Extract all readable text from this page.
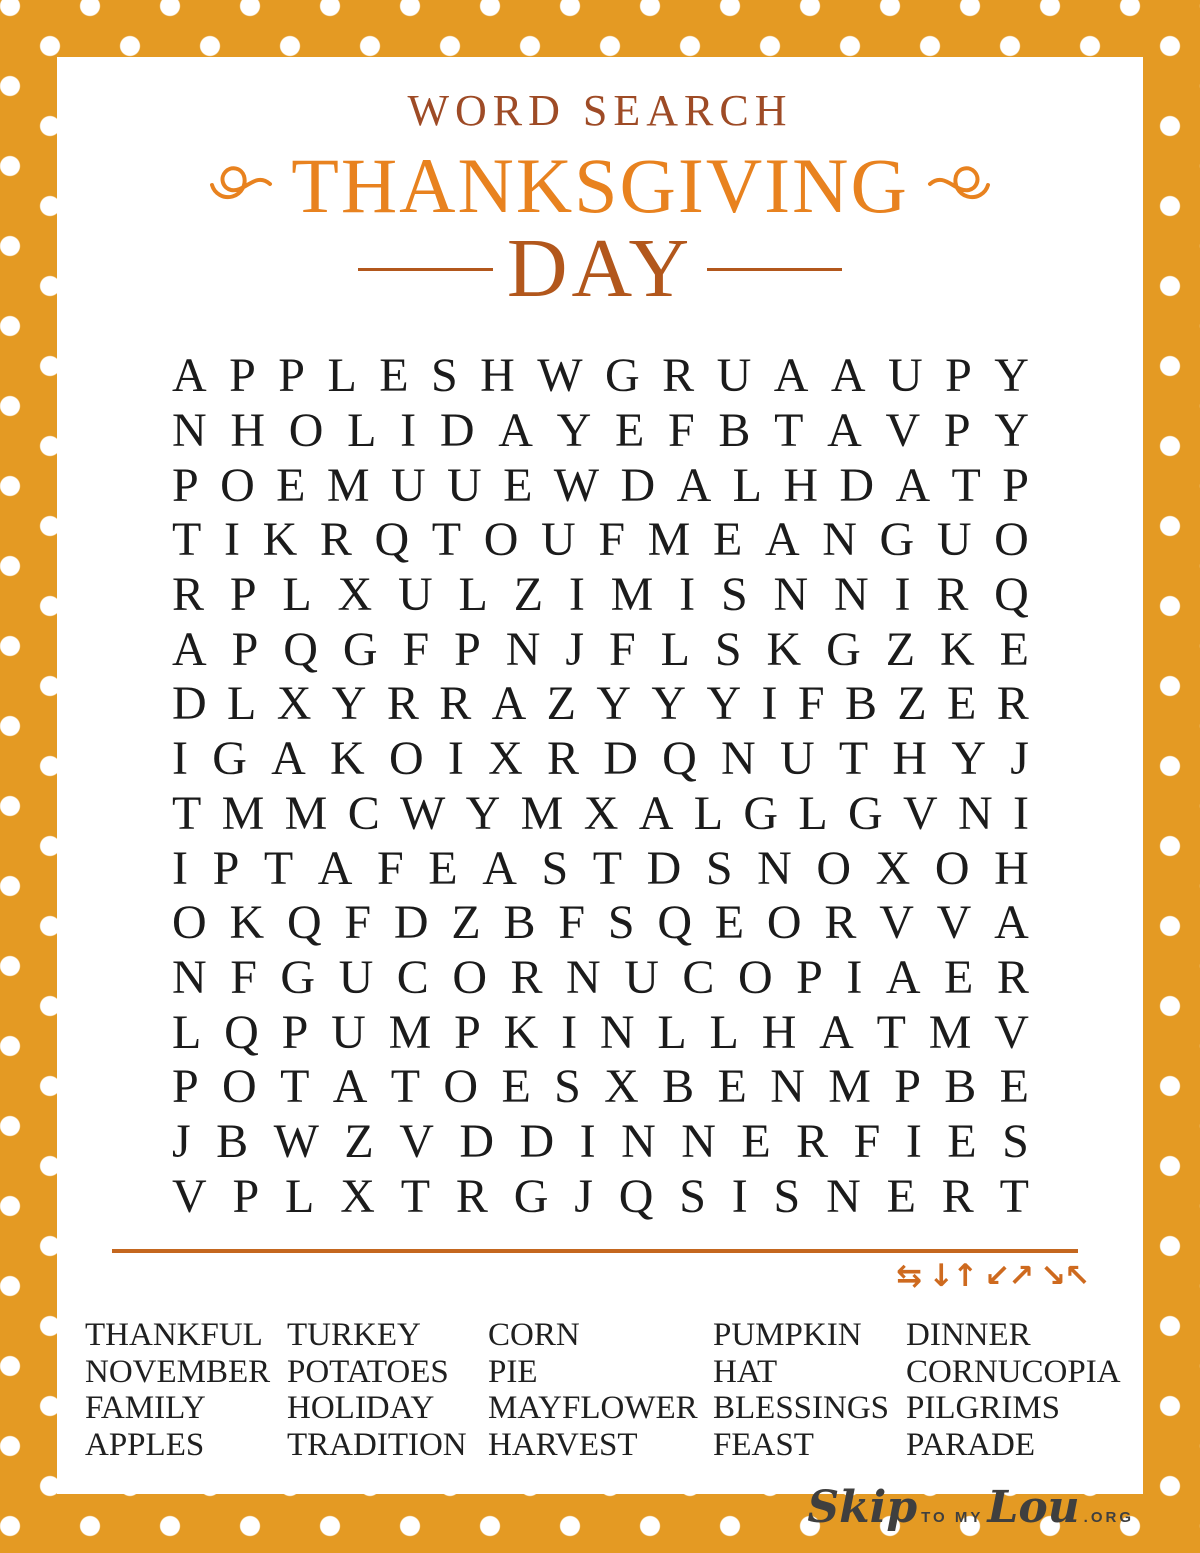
WORD SEARCH
THANKSGIVING
DAY
A P P L E S H W G R U A A U P Y
N H O L I D A Y E F B T A V P Y
P O E M U U E W D A L H D A T P
T I K R Q T O U F M E A N G U O
R P L X U L Z I M I S N N I R Q
A P Q G F P N J F L S K G Z K E
D L X Y R R A Z Y Y Y I F B Z E R
I G A K O I X R D Q N U T H Y J
T M M C W Y M X A L G L G V N I
I P T A F E A S T D S N O X O H
O K Q F D Z B F S Q E O R V V A
N F G U C O R N U C O P I A E R
L Q P U M P K I N L L H A T M V
P O T A T O E S X B E N M P B E
J B W Z V D D I N N E R F I E S
V P L X T R G J Q S I S N E R T
⇆ ↓↑ ↙↗ ↘↖
THANKFUL
NOVEMBER
FAMILY
APPLES
TURKEY
POTATOES
HOLIDAY
TRADITION
CORN
PIE
MAYFLOWER
HARVEST
PUMPKIN
HAT
BLESSINGS
FEAST
DINNER
CORNUCOPIA
PILGRIMS
PARADE
Skip TO MY Lou .ORG
